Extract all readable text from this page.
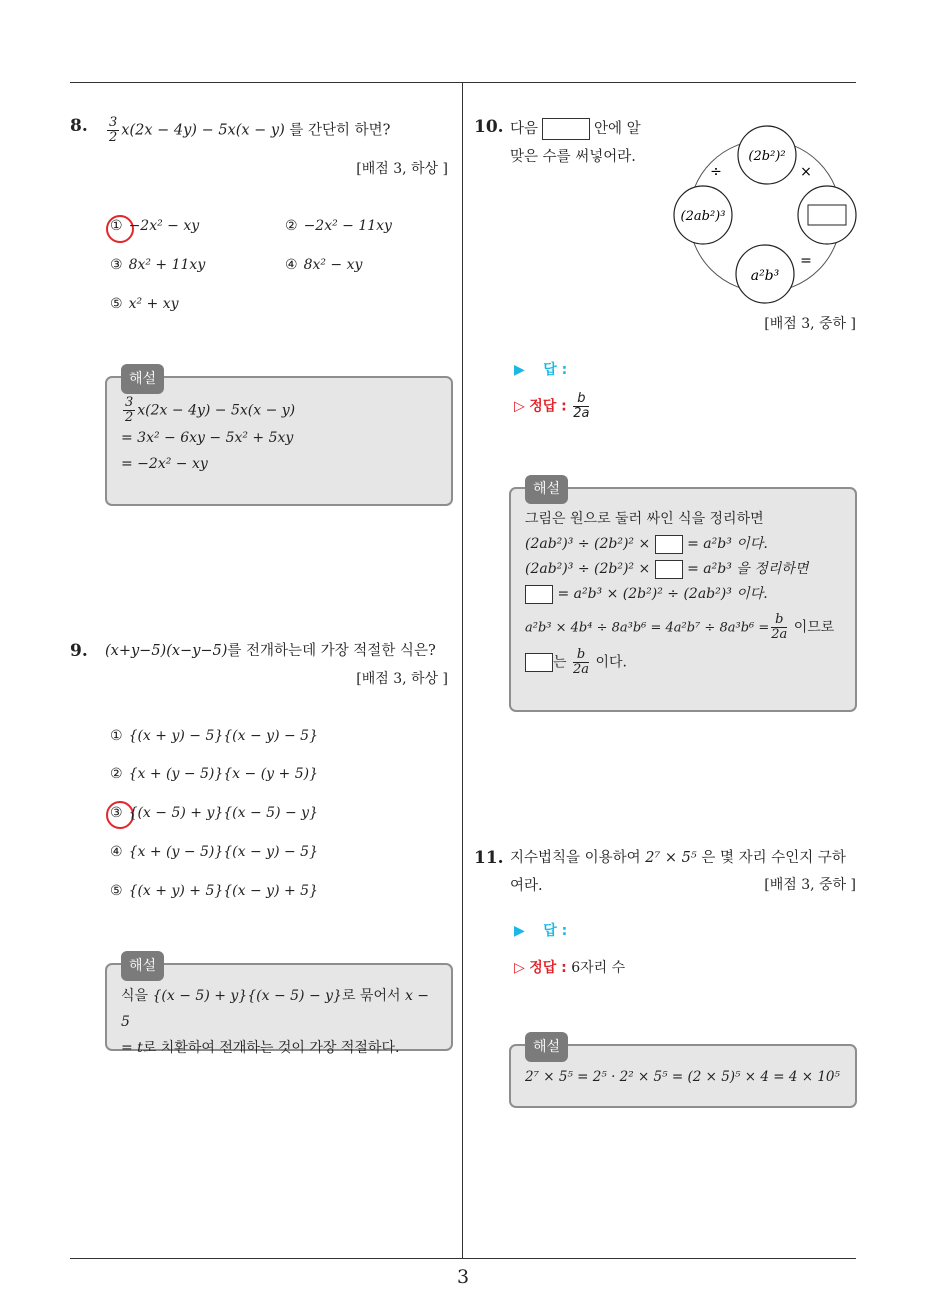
3
8. $\frac{3}{2} x(2x - 4y) - 5x(x - y)$ 를 간단히 하면?
[배점 3, 하상 ]
① −2x² − xy	② −2x² − 11xy
③ 8x² + 11xy	④ 8x² − xy
⑤ x² + xy
해설
$\frac{3}{2} x(2x - 4y) - 5x(x - y)$
= 3x² − 6xy − 5x² + 5xy
= −2x² − xy
9. (x+y−5)(x−y−5)를 전개하는데 가장 적절한 식은?
[배점 3, 하상 ]
① {(x + y) − 5}{(x − y) − 5}
② {x + (y − 5)}{x − (y + 5)}
③ {(x − 5) + y}{(x − 5) − y}
④ {x + (y − 5)}{(x − y) − 5}
⑤ {(x + y) + 5}{(x − y) + 5}
해설
식을 {(x − 5) + y}{(x − 5) − y}로 묶어서 x − 5
= t로 치환하여 전개하는 것이 가장 적절하다.
10. 다음	안에 알
맞은 수를 써넣어라.	(2b²)²
(2ab²)³
a²b³
÷	×
=
[배점 3, 중하 ]
▶ 답 :
▷ 정답 : $\frac{b}{2a}$
해설
그림은 원으로 둘러 싸인 식을 정리하면
(2ab²)³ ÷ (2b²)² ×	= a²b³ 이다.
(2ab²)³ ÷ (2b²)² ×	= a²b³ 을 정리하면
= a²b³ × (2b²)² ÷ (2ab²)³ 이다.
$a^2b^3 \times 4b^4 \div 8a^3b^6 = 4a^2b^7 \div 8a^3b^6 = \frac{b}{2a}$ 이므로
는 $\frac{b}{2a}$ 이다.
11. 지수법칙을 이용하여 2⁷ × 5⁵ 은 몇 자리 수인지 구하
여라.	[배점 3, 중하 ]
▶ 답 :
▷ 정답 : 6자리 수
해설
2⁷ × 5⁵ = 2⁵ · 2² × 5⁵ = (2 × 5)⁵ × 4 = 4 × 10⁵
